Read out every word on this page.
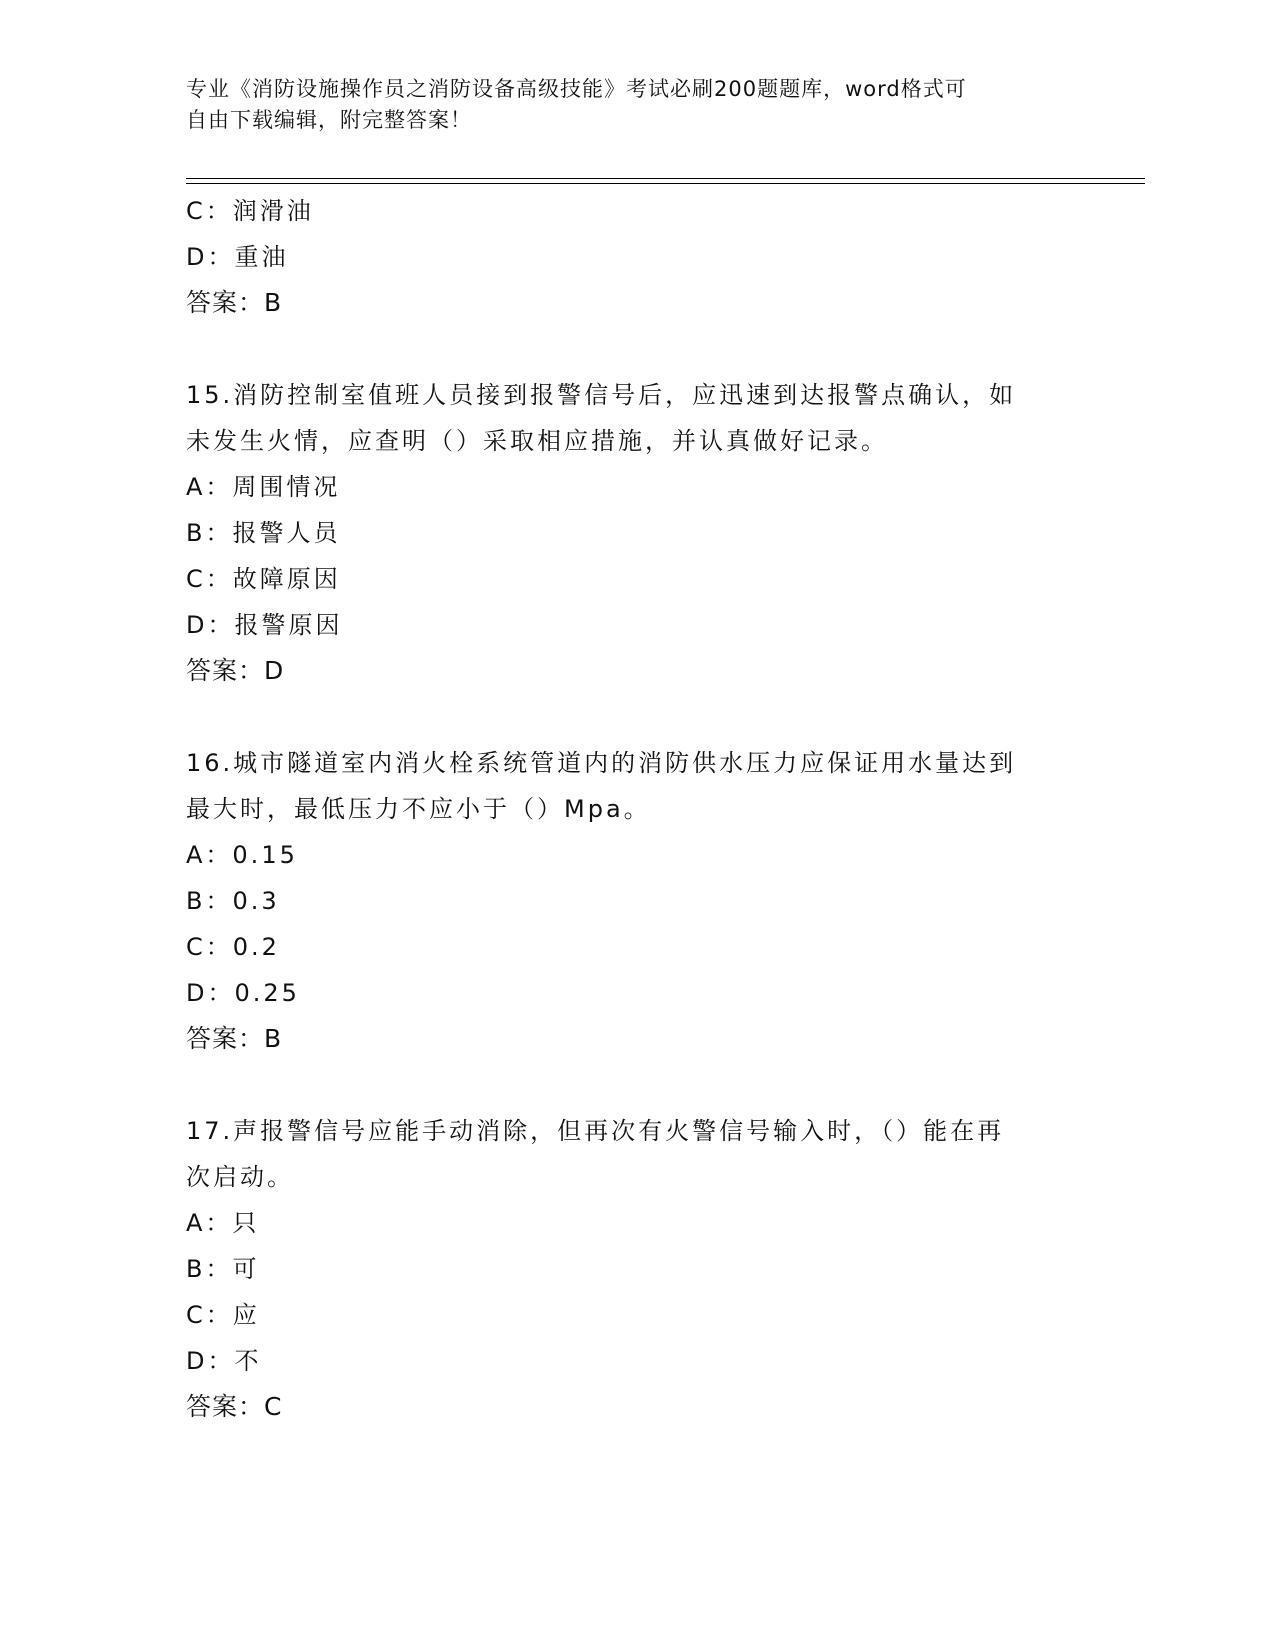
专业《消防设施操作员之消防设备高级技能》考试必刷200题题库，word格式可
自由下载编辑，附完整答案！
C：润滑油
D：重油
答案：B
15.消防控制室值班人员接到报警信号后，应迅速到达报警点确认，如
未发生火情，应查明（）采取相应措施，并认真做好记录。
A：周围情况
B：报警人员
C：故障原因
D：报警原因
答案：D
16.城市隧道室内消火栓系统管道内的消防供水压力应保证用水量达到
最大时，最低压力不应小于（）Mpa。
A：0.15
B：0.3
C：0.2
D：0.25
答案：B
17.声报警信号应能手动消除，但再次有火警信号输入时，（）能在再
次启动。
A：只
B：可
C：应
D：不
答案：C
